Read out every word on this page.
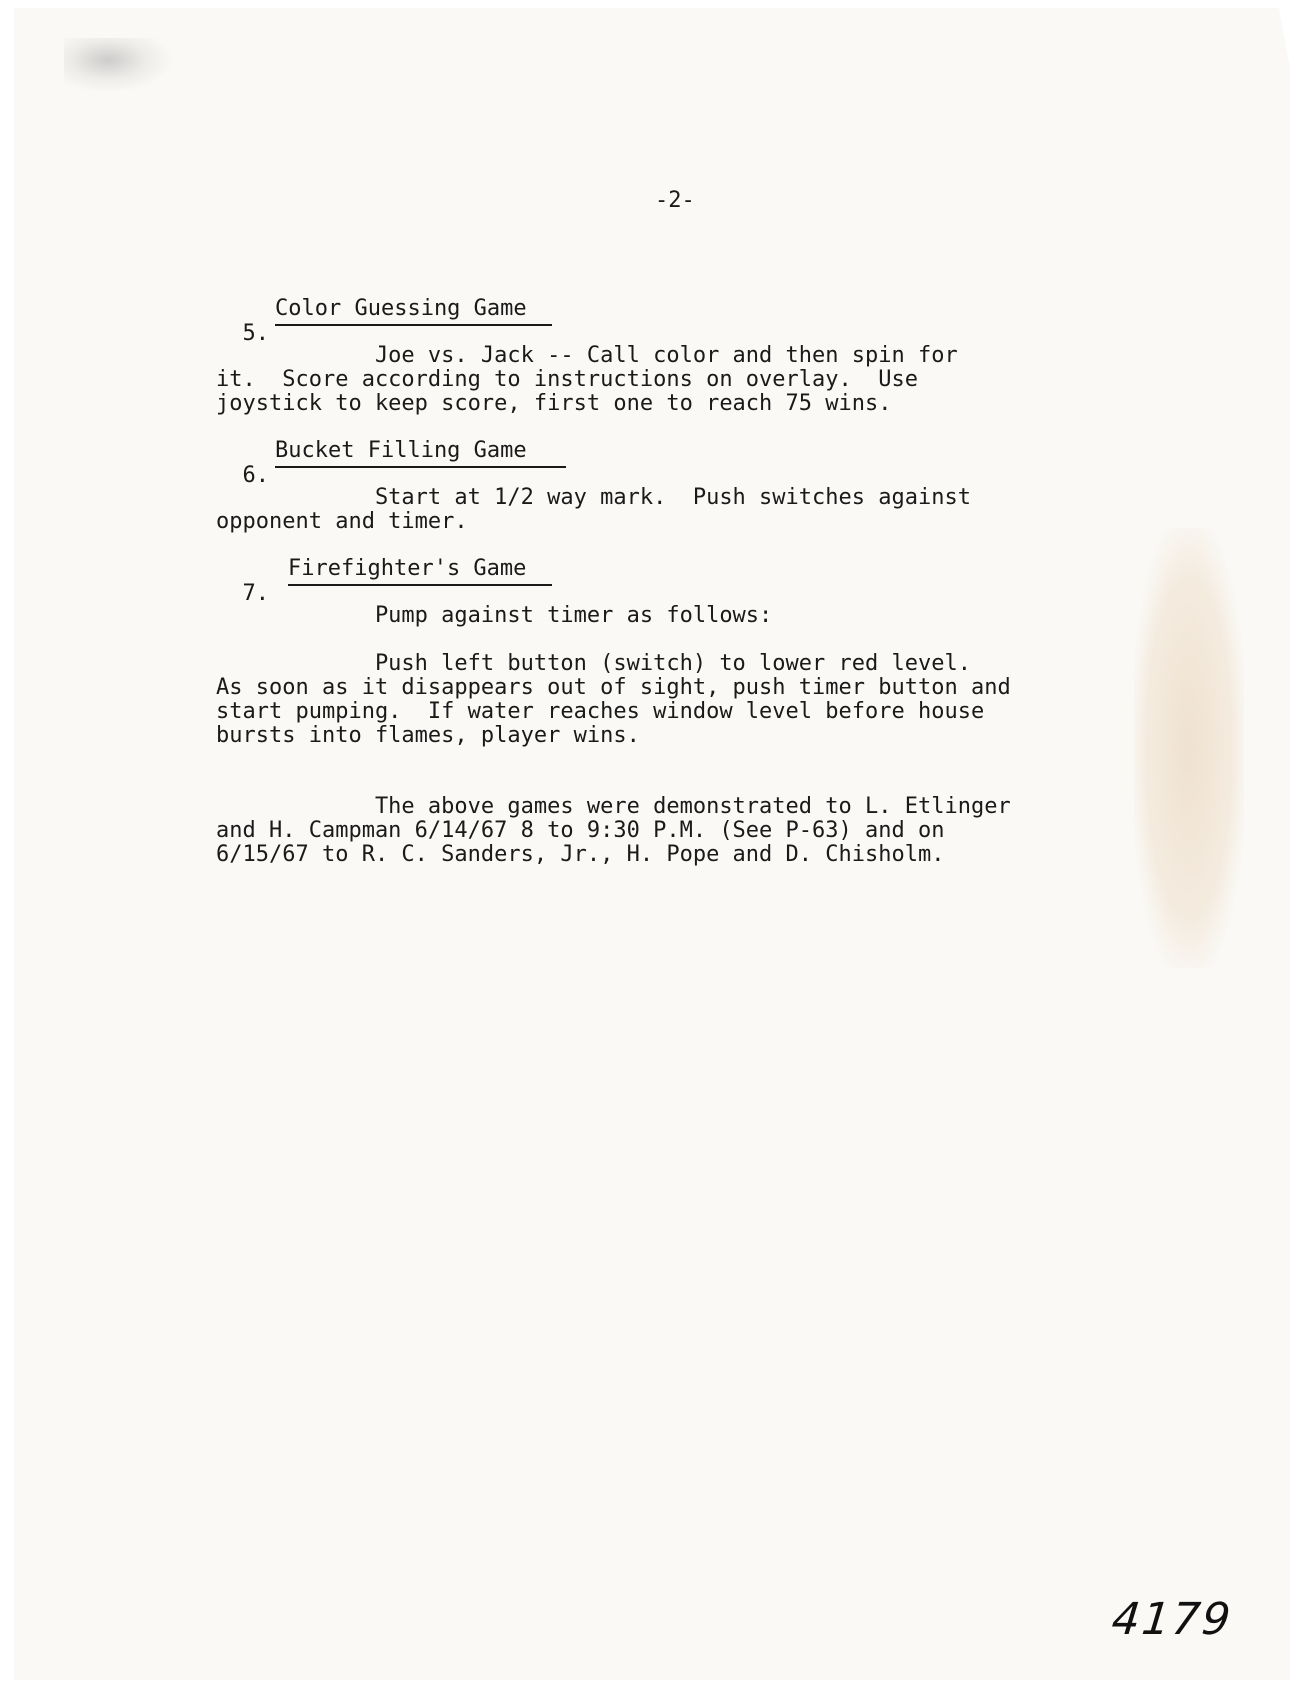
-2-

5.

Color Guessing Game

Joe vs. Jack -- Call color and then spin for
it.  Score according to instructions on overlay.  Use
joystick to keep score, first one to reach 75 wins.

6.

Bucket Filling Game

Start at 1/2 way mark.  Push switches against
opponent and timer.

7.

Firefighter's Game

Pump against timer as follows:
Push left button (switch) to lower red level.
As soon as it disappears out of sight, push timer button and
start pumping.  If water reaches window level before house
bursts into flames, player wins.
The above games were demonstrated to L. Etlinger
and H. Campman 6/14/67 8 to 9:30 P.M. (See P-63) and on
6/15/67 to R. C. Sanders, Jr., H. Pope and D. Chisholm.
4179
